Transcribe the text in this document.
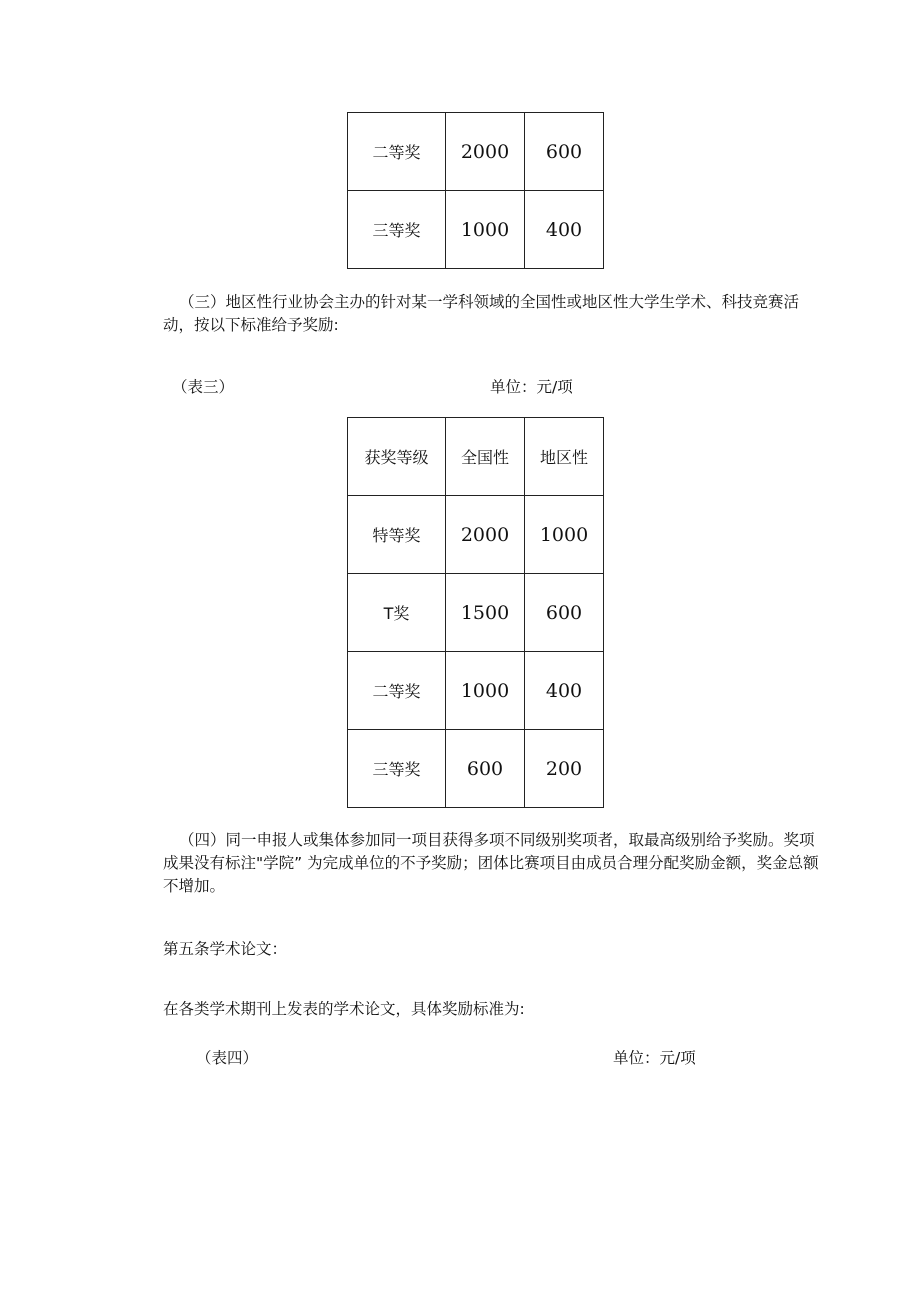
二等奖	2000	600
三等奖	1000	400

（三）地区性行业协会主办的针对某一学科领域的全国性或地区性大学生学术、科技竞赛活动，按以下标准给予奖励:

（表三）	单位：元/项

获奖等级	全国性	地区性
特等奖	2000	1000
T奖	1500	600
二等奖	1000	400
三等奖	600	200

（四）同一申报人或集体参加同一项目获得多项不同级别奖项者，取最高级别给予奖励。奖项成果没有标注"学院” 为完成单位的不予奖励；团体比赛项目由成员合理分配奖励金额，奖金总额不增加。

第五条学术论文：

在各类学术期刊上发表的学术论文，具体奖励标准为:

（表四）	单位：元/项
